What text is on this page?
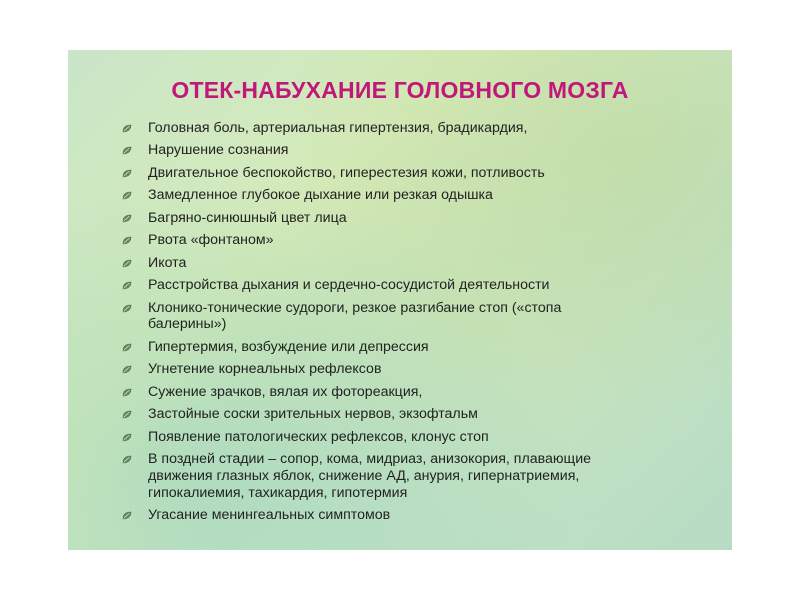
ОТЕК-НАБУХАНИЕ ГОЛОВНОГО МОЗГА
Головная боль, артериальная гипертензия, брадикардия,
Нарушение сознания
Двигательное беспокойство, гиперестезия кожи, потливость
Замедленное глубокое дыхание или резкая одышка
Багряно-синюшный цвет лица
Рвота «фонтаном»
Икота
Расстройства дыхания и сердечно-сосудистой деятельности
Клонико-тонические судороги, резкое разгибание стоп («стопа
балерины»)
Гипертермия, возбуждение или депрессия
Угнетение корнеальных рефлексов
Сужение зрачков, вялая их фотореакция,
Застойные соски зрительных нервов, экзофтальм
Появление патологических рефлексов, клонус стоп
В поздней стадии – сопор, кома, мидриаз, анизокория, плавающие
движения глазных яблок, снижение АД, анурия, гипернатриемия,
гипокалиемия, тахикардия, гипотермия
Угасание менингеальных симптомов
